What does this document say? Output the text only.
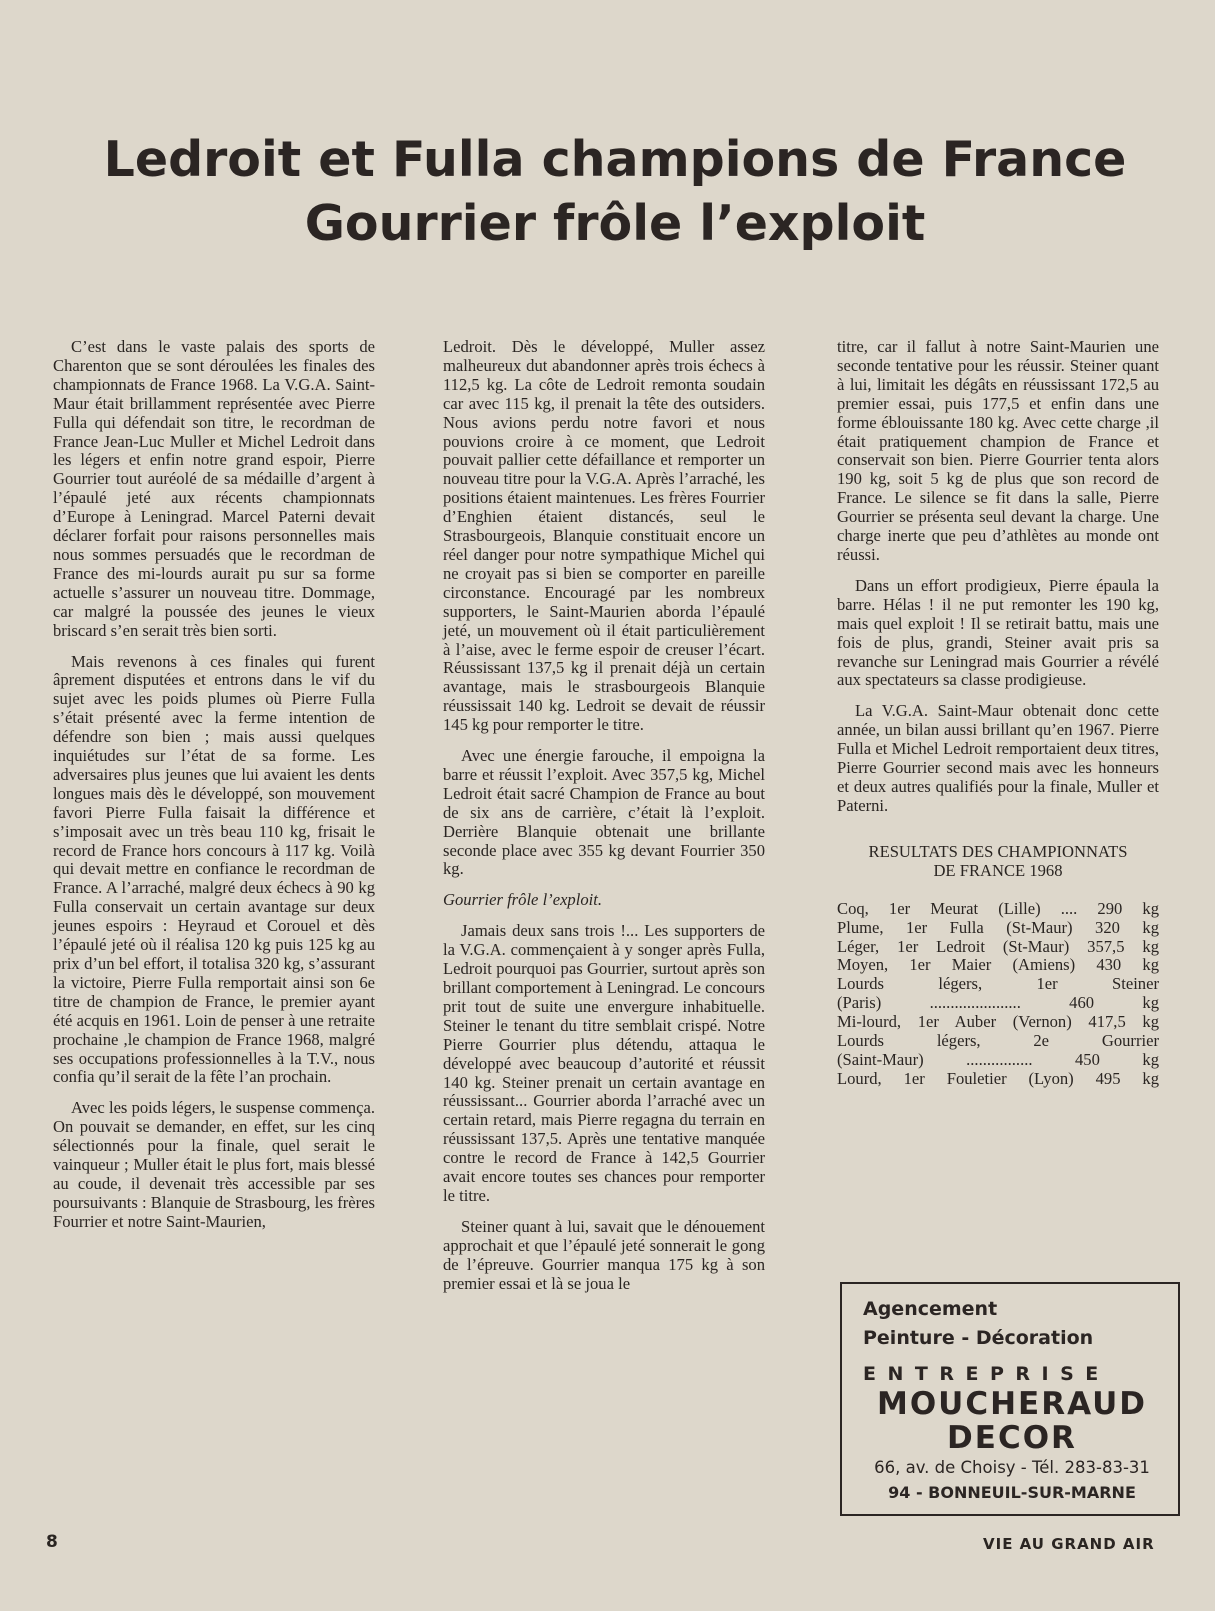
Ledroit et Fulla champions de France
Gourrier frôle l’exploit

C’est dans le vaste palais des sports de Charenton que se sont déroulées les finales des championnats de France 1968. La V.G.A. Saint-Maur était brillamment représentée avec Pierre Fulla qui défendait son titre, le recordman de France Jean-Luc Muller et Michel Ledroit dans les légers et enfin notre grand espoir, Pierre Gourrier tout auréolé de sa médaille d’argent à l’épaulé jeté aux récents championnats d’Europe à Leningrad. Marcel Paterni devait déclarer forfait pour raisons personnelles mais nous sommes persuadés que le recordman de France des mi-lourds aurait pu sur sa forme actuelle s’assurer un nouveau titre. Dommage, car malgré la poussée des jeunes le vieux briscard s’en serait très bien sorti.

Mais revenons à ces finales qui furent âprement disputées et entrons dans le vif du sujet avec les poids plumes où Pierre Fulla s’était présenté avec la ferme intention de défendre son bien ; mais aussi quelques inquiétudes sur l’état de sa forme. Les adversaires plus jeunes que lui avaient les dents longues mais dès le développé, son mouvement favori Pierre Fulla faisait la différence et s’imposait avec un très beau 110 kg, frisait le record de France hors concours à 117 kg. Voilà qui devait mettre en confiance le recordman de France. A l’arraché, malgré deux échecs à 90 kg Fulla conservait un certain avantage sur deux jeunes espoirs : Heyraud et Corouel et dès l’épaulé jeté où il réalisa 120 kg puis 125 kg au prix d’un bel effort, il totalisa 320 kg, s’assurant la victoire, Pierre Fulla remportait ainsi son 6e titre de champion de France, le premier ayant été acquis en 1961. Loin de penser à une retraite prochaine ,le champion de France 1968, malgré ses occupations professionnelles à la T.V., nous confia qu’il serait de la fête l’an prochain.

Avec les poids légers, le suspense commença. On pouvait se demander, en effet, sur les cinq sélectionnés pour la finale, quel serait le vainqueur ; Muller était le plus fort, mais blessé au coude, il devenait très accessible par ses poursuivants : Blanquie de Strasbourg, les frères Fourrier et notre Saint-Maurien,

Ledroit. Dès le développé, Muller assez malheureux dut abandonner après trois échecs à 112,5 kg. La côte de Ledroit remonta soudain car avec 115 kg, il prenait la tête des outsiders. Nous avions perdu notre favori et nous pouvions croire à ce moment, que Ledroit pouvait pallier cette défaillance et remporter un nouveau titre pour la V.G.A. Après l’arraché, les positions étaient maintenues. Les frères Fourrier d’Enghien étaient distancés, seul le Strasbourgeois, Blanquie constituait encore un réel danger pour notre sympathique Michel qui ne croyait pas si bien se comporter en pareille circonstance. Encouragé par les nombreux supporters, le Saint-Maurien aborda l’épaulé jeté, un mouvement où il était particulièrement à l’aise, avec le ferme espoir de creuser l’écart. Réussissant 137,5 kg il prenait déjà un certain avantage, mais le strasbourgeois Blanquie réussissait 140 kg. Ledroit se devait de réussir 145 kg pour remporter le titre.

Avec une énergie farouche, il empoigna la barre et réussit l’exploit. Avec 357,5 kg, Michel Ledroit était sacré Champion de France au bout de six ans de carrière, c’était là l’exploit. Derrière Blanquie obtenait une brillante seconde place avec 355 kg devant Fourrier 350 kg.

Gourrier frôle l’exploit.

Jamais deux sans trois !... Les supporters de la V.G.A. commençaient à y songer après Fulla, Ledroit pourquoi pas Gourrier, surtout après son brillant comportement à Leningrad. Le concours prit tout de suite une envergure inhabituelle. Steiner le tenant du titre semblait crispé. Notre Pierre Gourrier plus détendu, attaqua le développé avec beaucoup d’autorité et réussit 140 kg. Steiner prenait un certain avantage en réussissant... Gourrier aborda l’arraché avec un certain retard, mais Pierre regagna du terrain en réussissant 137,5. Après une tentative manquée contre le record de France à 142,5 Gourrier avait encore toutes ses chances pour remporter le titre.

Steiner quant à lui, savait que le dénouement approchait et que l’épaulé jeté sonnerait le gong de l’épreuve. Gourrier manqua 175 kg à son premier essai et là se joua le

titre, car il fallut à notre Saint-Maurien une seconde tentative pour les réussir. Steiner quant à lui, limitait les dégâts en réussissant 172,5 au premier essai, puis 177,5 et enfin dans une forme éblouissante 180 kg. Avec cette charge ,il était pratiquement champion de France et conservait son bien. Pierre Gourrier tenta alors 190 kg, soit 5 kg de plus que son record de France. Le silence se fit dans la salle, Pierre Gourrier se présenta seul devant la charge. Une charge inerte que peu d’athlètes au monde ont réussi.

Dans un effort prodigieux, Pierre épaula la barre. Hélas ! il ne put remonter les 190 kg, mais quel exploit ! Il se retirait battu, mais une fois de plus, grandi, Steiner avait pris sa revanche sur Leningrad mais Gourrier a révélé aux spectateurs sa classe prodigieuse.

La V.G.A. Saint-Maur obtenait donc cette année, un bilan aussi brillant qu’en 1967. Pierre Fulla et Michel Ledroit remportaient deux titres, Pierre Gourrier second mais avec les honneurs et deux autres qualifiés pour la finale, Muller et Paterni.

RESULTATS DES CHAMPIONNATS
DE FRANCE 1968
Coq, 1er Meurat (Lille) .... 290 kg
Plume, 1er Fulla (St-Maur) 320 kg
Léger, 1er Ledroit (St-Maur) 357,5 kg
Moyen, 1er Maier (Amiens) 430 kg
Lourds légers, 1er Steiner
(Paris) ...................... 460 kg
Mi-lourd, 1er Auber (Vernon) 417,5 kg
Lourds légers, 2e Gourrier
(Saint-Maur) ................ 450 kg
Lourd, 1er Fouletier (Lyon) 495 kg
Agencement
Peinture - Décoration
ENTREPRISE
MOUCHERAUD
DECOR
66, av. de Choisy - Tél. 283-83-31
94 - BONNEUIL-SUR-MARNE
8	VIE AU GRAND AIR
